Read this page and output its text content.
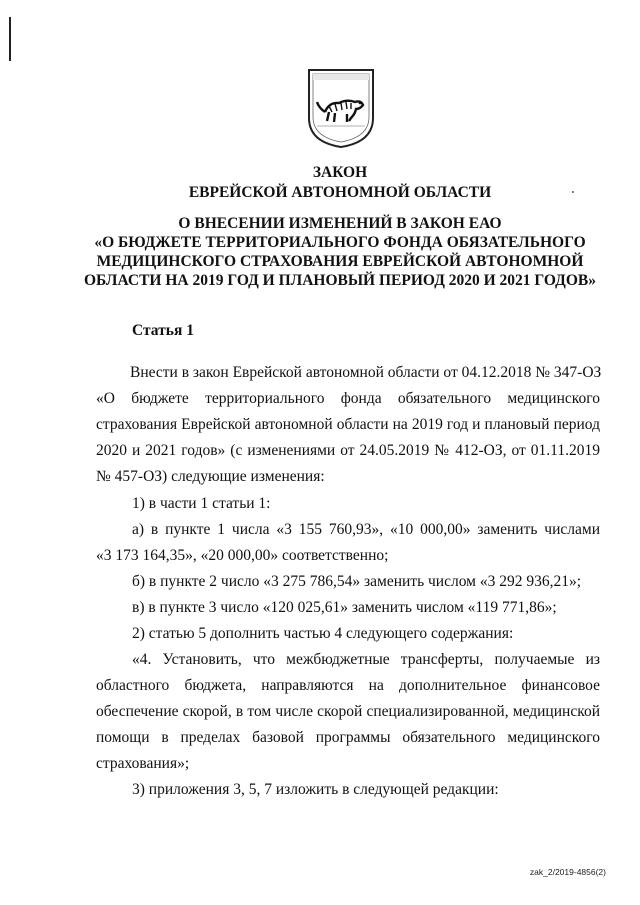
ЗАКОН
ЕВРЕЙСКОЙ АВТОНОМНОЙ ОБЛАСТИ
О ВНЕСЕНИИ ИЗМЕНЕНИЙ В ЗАКОН ЕАО
«О БЮДЖЕТЕ ТЕРРИТОРИАЛЬНОГО ФОНДА ОБЯЗАТЕЛЬНОГО
МЕДИЦИНСКОГО СТРАХОВАНИЯ ЕВРЕЙСКОЙ АВТОНОМНОЙ
ОБЛАСТИ НА 2019 ГОД И ПЛАНОВЫЙ ПЕРИОД 2020 И 2021 ГОДОВ»
Статья 1
Внести в закон Еврейской автономной области от 04.12.2018 № 347-ОЗ
«О бюджете территориального фонда обязательного медицинского
страхования Еврейской автономной области на 2019 год и плановый период
2020 и 2021 годов» (с изменениями от 24.05.2019 № 412-ОЗ, от 01.11.2019
№ 457-ОЗ) следующие изменения:
1) в части 1 статьи 1:
а) в пункте 1 числа «3 155 760,93», «10 000,00» заменить числами
«3 173 164,35», «20 000,00» соответственно;
б) в пункте 2 число «3 275 786,54» заменить числом «3 292 936,21»;
в) в пункте 3 число «120 025,61» заменить числом «119 771,86»;
2) статью 5 дополнить частью 4 следующего содержания:
«4. Установить, что межбюджетные трансферты, получаемые из
областного бюджета, направляются на дополнительное финансовое
обеспечение скорой, в том числе скорой специализированной, медицинской
помощи в пределах базовой программы обязательного медицинского
страхования»;
3) приложения 3, 5, 7 изложить в следующей редакции:
zak_2/2019-4856(2)
